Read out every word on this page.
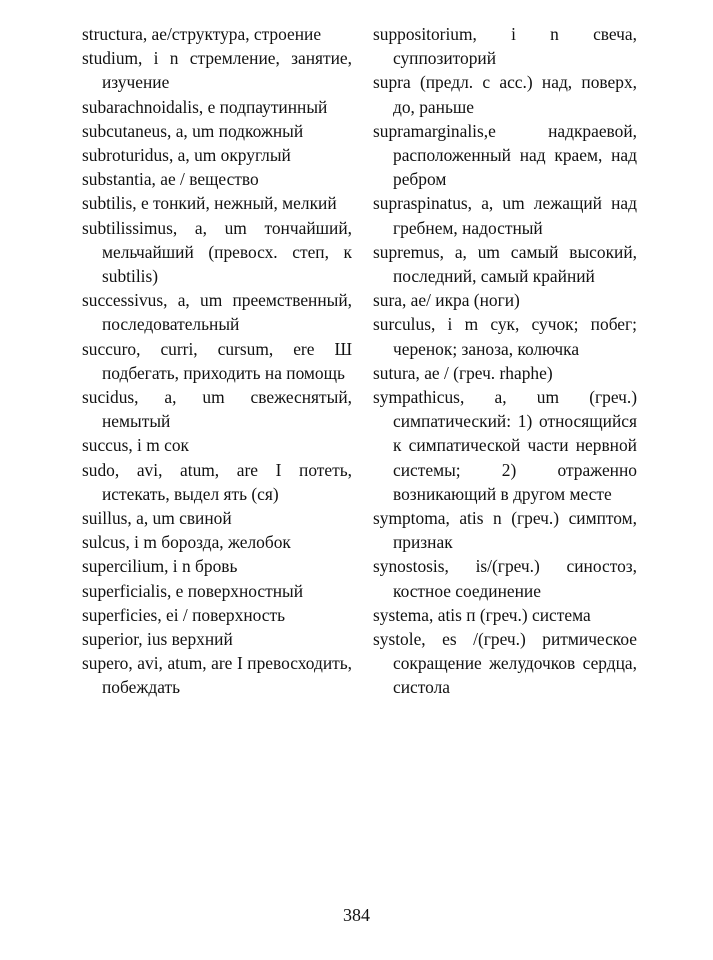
structura, ae/структура, строение
studium, i n стремление, занятие, изучение
subarachnoidalis, e подпаутинный
subcutaneus, a, um подкожный
subroturidus, a, um округлый
substantia, ae / вещество
subtilis, e тонкий, нежный, мелкий
subtilissimus, a, um тончайший, мельчайший (превосх. степ, к subtilis)
successivus, a, um преемственный, последовательный
succuro, curri, cursum, ere Ш подбегать, приходить на помощь
sucidus, a, um свежеснятый, немытый
succus, i m сок
sudo, avi, atum, are I потеть, истекать, выдел ять (ся)
suillus, a, um свиной
sulcus, i m борозда, желобок
supercilium, i n бровь
superficialis, e поверхностный
superficies, ei / поверхность
superior, ius верхний
supero, avi, atum, are I превосходить, побеждать
suppositorium, i n свеча, суппозиторий
supra (предл. с асс.) над, поверх, до, раньше
supramarginalis,e надкраевой, расположенный над краем, над ребром
supraspinatus, a, um лежащий над гребнем, надостный
supremus, a, um самый высокий, последний, самый крайний
sura, ae/ икра (ноги)
surculus, i m сук, сучок; побег; черенок; заноза, колючка
sutura, ae / (греч. rhaphe)
sympathicus, a, um (греч.) симпатический: 1) относящийся к симпатической части нервной системы; 2) отраженно возникающий в другом месте
symptoma, atis n (греч.) симптом, признак
synostosis, is/(греч.) синостоз, костное соединение
systema, atis п (греч.) система
systole, es /(греч.) ритмическое сокращение желудочков сердца, систола
384
